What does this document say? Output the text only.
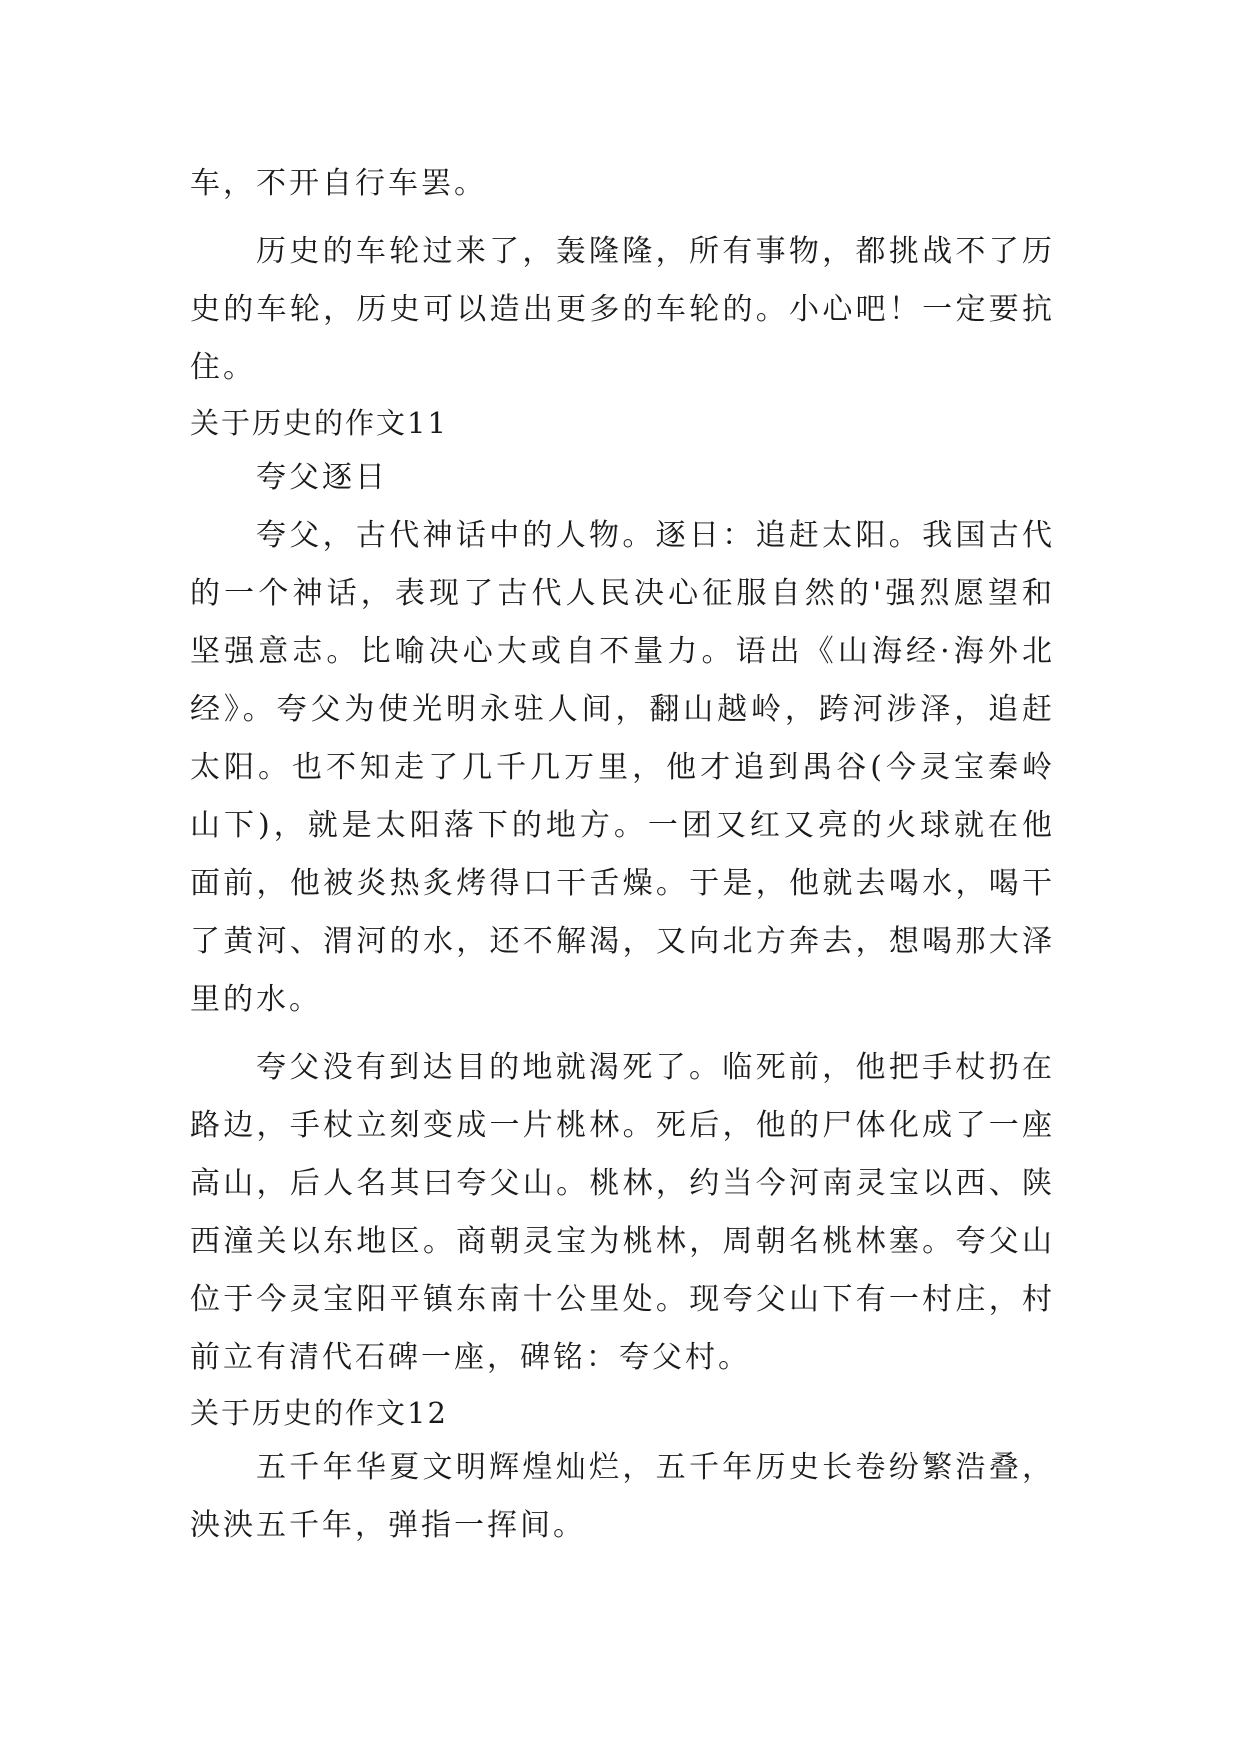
车，不开自行车罢。

历史的车轮过来了，轰隆隆，所有事物，都挑战不了历史的车轮，历史可以造出更多的车轮的。小心吧！一定要抗住。

关于历史的作文11

夸父逐日

夸父，古代神话中的人物。逐日：追赶太阳。我国古代的一个神话，表现了古代人民决心征服自然的'强烈愿望和坚强意志。比喻决心大或自不量力。语出《山海经·海外北经》。夸父为使光明永驻人间，翻山越岭，跨河涉泽，追赶太阳。也不知走了几千几万里，他才追到禺谷(今灵宝秦岭山下)，就是太阳落下的地方。一团又红又亮的火球就在他面前，他被炎热炙烤得口干舌燥。于是，他就去喝水，喝干了黄河、渭河的水，还不解渴，又向北方奔去，想喝那大泽里的水。

夸父没有到达目的地就渴死了。临死前，他把手杖扔在路边，手杖立刻变成一片桃林。死后，他的尸体化成了一座高山，后人名其曰夸父山。桃林，约当今河南灵宝以西、陕西潼关以东地区。商朝灵宝为桃林，周朝名桃林塞。夸父山位于今灵宝阳平镇东南十公里处。现夸父山下有一村庄，村前立有清代石碑一座，碑铭：夸父村。

关于历史的作文12

五千年华夏文明辉煌灿烂，五千年历史长卷纷繁浩叠，泱泱五千年，弹指一挥间。
